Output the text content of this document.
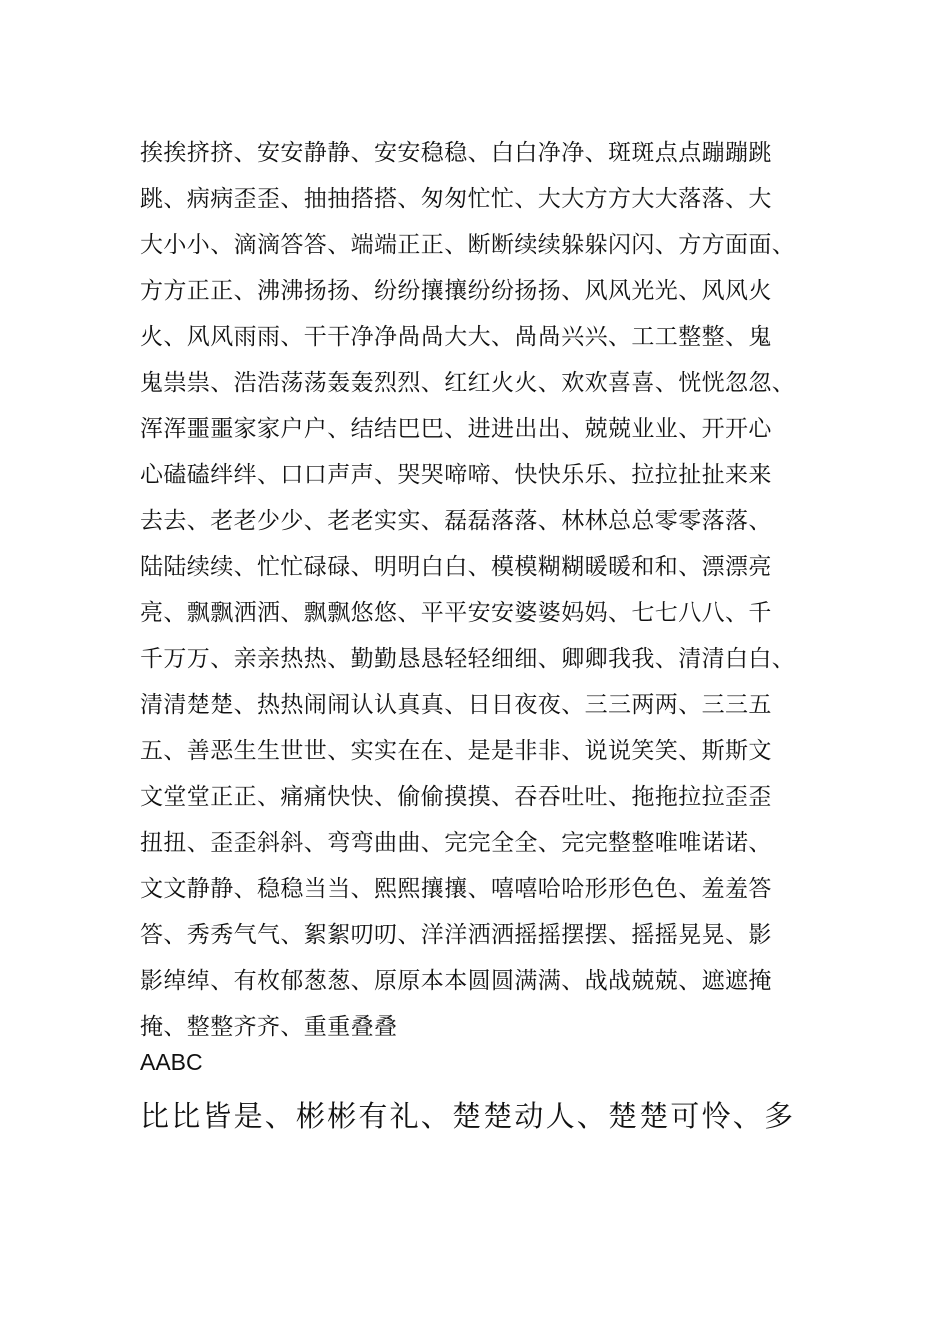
挨挨挤挤、安安静静、安安稳稳、白白净净、斑斑点点蹦蹦跳
跳、病病歪歪、抽抽搭搭、匆匆忙忙、大大方方大大落落、大
大小小、滴滴答答、端端正正、断断续续躲躲闪闪、方方面面、
方方正正、沸沸扬扬、纷纷攘攘纷纷扬扬、风风光光、风风火
火、风风雨雨、干干净净咼咼大大、咼咼兴兴、工工整整、鬼
鬼祟祟、浩浩荡荡轰轰烈烈、红红火火、欢欢喜喜、恍恍忽忽、
浑浑噩噩家家户户、结结巴巴、进进出出、兢兢业业、开开心
心磕磕绊绊、口口声声、哭哭啼啼、快快乐乐、拉拉扯扯来来
去去、老老少少、老老实实、磊磊落落、林林总总零零落落、
陆陆续续、忙忙碌碌、明明白白、模模糊糊暖暖和和、漂漂亮
亮、飘飘洒洒、飘飘悠悠、平平安安婆婆妈妈、七七八八、千
千万万、亲亲热热、勤勤恳恳轻轻细细、卿卿我我、清清白白、
清清楚楚、热热闹闹认认真真、日日夜夜、三三两两、三三五
五、善恶生生世世、实实在在、是是非非、说说笑笑、斯斯文
文堂堂正正、痛痛快快、偷偷摸摸、吞吞吐吐、拖拖拉拉歪歪
扭扭、歪歪斜斜、弯弯曲曲、完完全全、完完整整唯唯诺诺、
文文静静、稳稳当当、熙熙攘攘、嘻嘻哈哈形形色色、羞羞答
答、秀秀气气、絮絮叨叨、洋洋洒洒摇摇摆摆、摇摇晃晃、影
影绰绰、有枚郁葱葱、原原本本圆圆满满、战战兢兢、遮遮掩
掩、整整齐齐、重重叠叠
AABC
比比皆是、彬彬有礼、楚楚动人、楚楚可怜、多
